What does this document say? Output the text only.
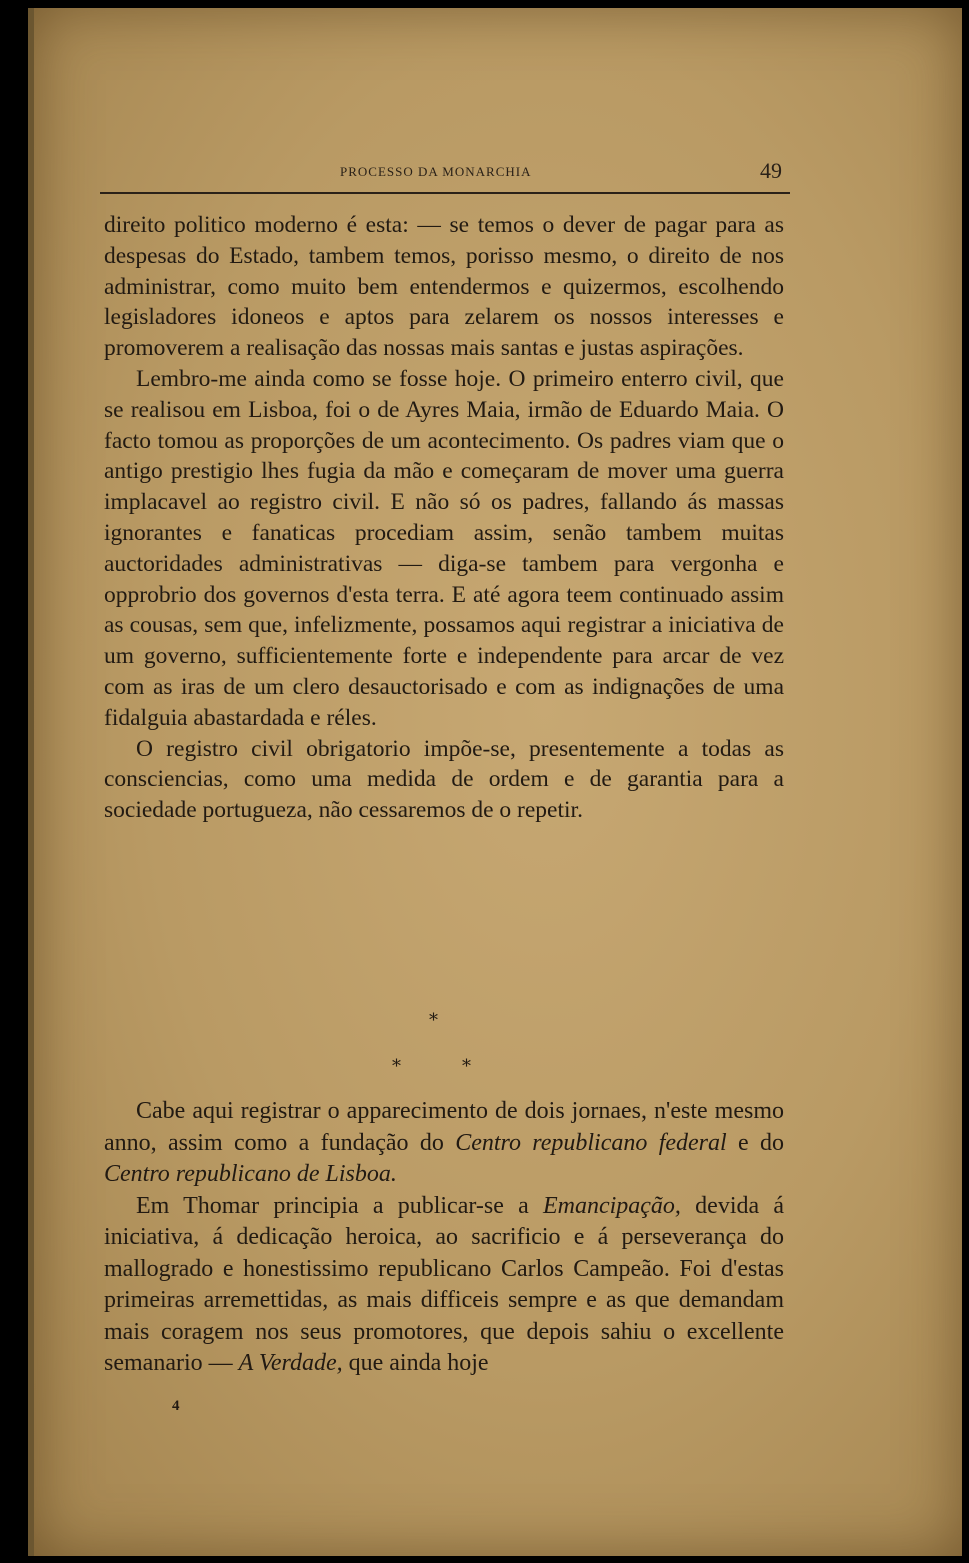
PROCESSO DA MONARCHIA	49

direito politico moderno é esta: — se temos o dever de pagar para as despesas do Estado, tambem temos, porisso mesmo, o direito de nos administrar, como muito bem entendermos e quizermos, escolhendo legisladores idoneos e aptos para zelarem os nossos interesses e promoverem a realisação das nossas mais santas e justas aspirações.

Lembro-me ainda como se fosse hoje. O primeiro enterro civil, que se realisou em Lisboa, foi o de Ayres Maia, irmão de Eduardo Maia. O facto tomou as proporções de um acontecimento. Os padres viam que o antigo prestigio lhes fugia da mão e começaram de mover uma guerra implacavel ao registro civil. E não só os padres, fallando ás massas ignorantes e fanaticas procediam assim, senão tambem muitas auctoridades administrativas — diga-se tambem para vergonha e opprobrio dos governos d'esta terra. E até agora teem continuado assim as cousas, sem que, infelizmente, possamos aqui registrar a iniciativa de um governo, sufficientemente forte e independente para arcar de vez com as iras de um clero desauctorisado e com as indignações de uma fidalguia abastardada e réles.

O registro civil obrigatorio impõe-se, presentemente a todas as consciencias, como uma medida de ordem e de garantia para a sociedade portugueza, não cessaremos de o repetir.

*
*	*

Cabe aqui registrar o apparecimento de dois jornaes, n'este mesmo anno, assim como a fundação do Centro republicano federal e do Centro republicano de Lisboa.

Em Thomar principia a publicar-se a Emancipação, devida á iniciativa, á dedicação heroica, ao sacrificio e á perseverança do mallogrado e honestissimo republicano Carlos Campeão. Foi d'estas primeiras arremettidas, as mais difficeis sempre e as que demandam mais coragem nos seus promotores, que depois sahiu o excellente semanario — A Verdade, que ainda hoje

4
